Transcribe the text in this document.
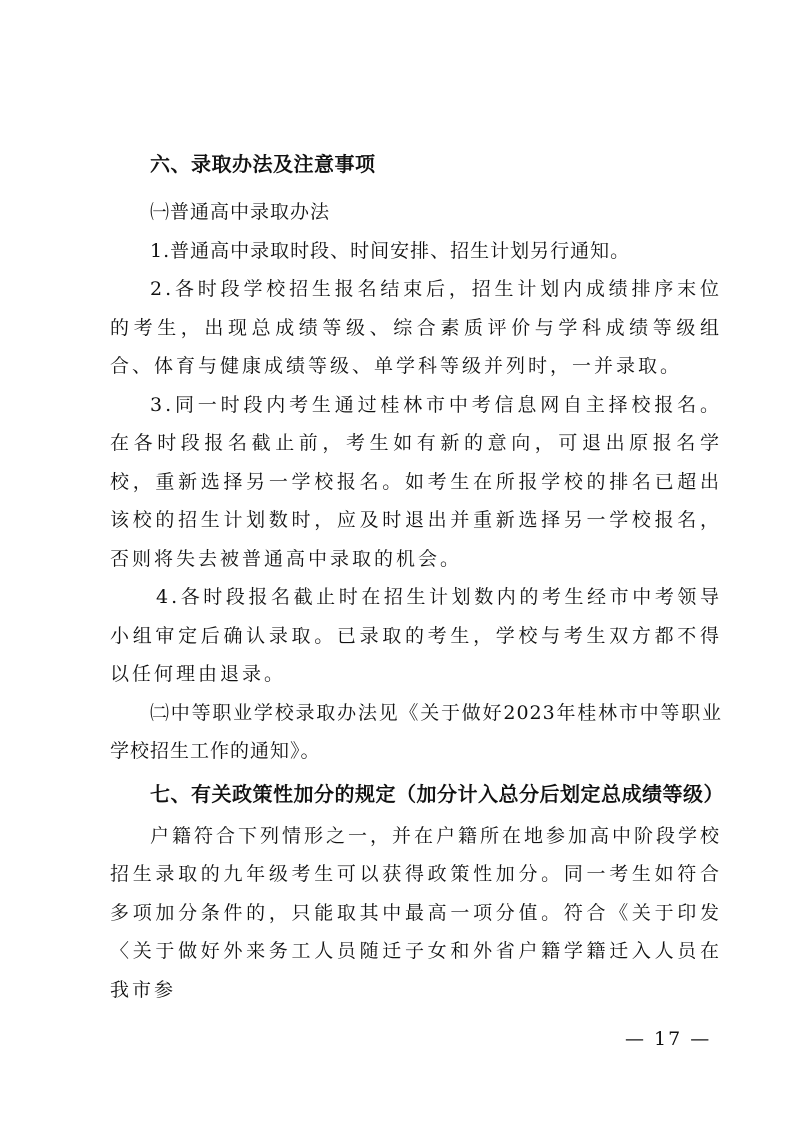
六、录取办法及注意事项

㈠普通高中录取办法

1.普通高中录取时段、时间安排、招生计划另行通知。

2.各时段学校招生报名结束后，招生计划内成绩排序末位的考生，出现总成绩等级、综合素质评价与学科成绩等级组合、体育与健康成绩等级、单学科等级并列时，一并录取。

3.同一时段内考生通过桂林市中考信息网自主择校报名。在各时段报名截止前，考生如有新的意向，可退出原报名学校，重新选择另一学校报名。如考生在所报学校的排名已超出该校的招生计划数时，应及时退出并重新选择另一学校报名，否则将失去被普通高中录取的机会。

4.各时段报名截止时在招生计划数内的考生经市中考领导小组审定后确认录取。已录取的考生，学校与考生双方都不得以任何理由退录。

㈡中等职业学校录取办法见《关于做好2023年桂林市中等职业学校招生工作的通知》。

七、有关政策性加分的规定（加分计入总分后划定总成绩等级）

户籍符合下列情形之一，并在户籍所在地参加高中阶段学校招生录取的九年级考生可以获得政策性加分。同一考生如符合多项加分条件的，只能取其中最高一项分值。符合《关于印发〈关于做好外来务工人员随迁子女和外省户籍学籍迁入人员在我市参

— 17 —
